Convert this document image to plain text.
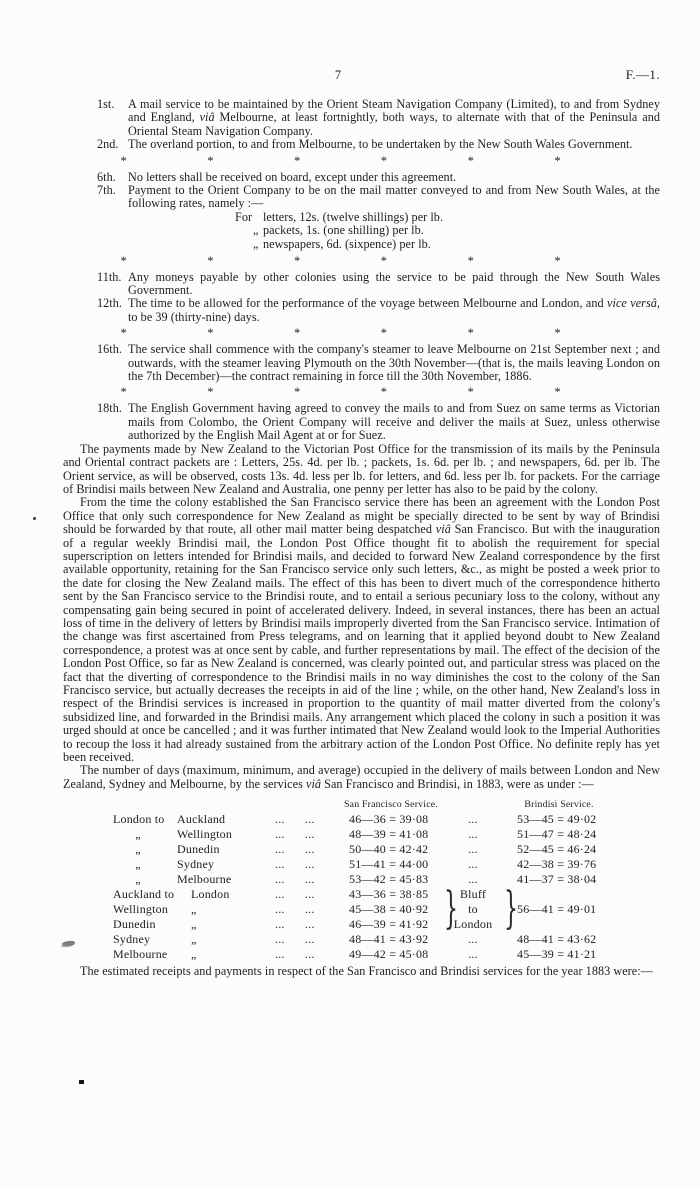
7	F.—1.
1st. A mail service to be maintained by the Orient Steam Navigation Company (Limited), to and from Sydney and England, viâ Melbourne, at least fortnightly, both ways, to alternate with that of the Peninsula and Oriental Steam Navigation Company.
2nd. The overland portion, to and from Melbourne, to be undertaken by the New South Wales Government.
*	*	*	*	*	*
6th. No letters shall be received on board, except under this agreement.
7th. Payment to the Orient Company to be on the mail matter conveyed to and from New South Wales, at the following rates, namely :—
For letters, 12s. (twelve shillings) per lb.
„ packets, 1s. (one shilling) per lb.
„ newspapers, 6d. (sixpence) per lb.
*	*	*	*	*	*
11th. Any moneys payable by other colonies using the service to be paid through the New South Wales Government.
12th. The time to be allowed for the performance of the voyage between Melbourne and London, and vice versâ, to be 39 (thirty-nine) days.
*	*	*	*	*	*
16th. The service shall commence with the company's steamer to leave Melbourne on 21st September next ; and outwards, with the steamer leaving Plymouth on the 30th November—(that is, the mails leaving London on the 7th December)—the contract remaining in force till the 30th November, 1886.
*	*	*	*	*	*
18th. The English Government having agreed to convey the mails to and from Suez on same terms as Victorian mails from Colombo, the Orient Company will receive and deliver the mails at Suez, unless otherwise authorized by the English Mail Agent at or for Suez.
The payments made by New Zealand to the Victorian Post Office for the transmission of its mails by the Peninsula and Oriental contract packets are : Letters, 25s. 4d. per lb. ; packets, 1s. 6d. per lb. ; and newspapers, 6d. per lb. The Orient service, as will be observed, costs 13s. 4d. less per lb. for letters, and 6d. less per lb. for packets. For the carriage of Brindisi mails between New Zealand and Australia, one penny per letter has also to be paid by the colony.
From the time the colony established the San Francisco service there has been an agreement with the London Post Office that only such correspondence for New Zealand as might be specially directed to be sent by way of Brindisi should be forwarded by that route, all other mail matter being despatched viâ San Francisco. But with the inauguration of a regular weekly Brindisi mail, the London Post Office thought fit to abolish the requirement for special superscription on letters intended for Brindisi mails, and decided to forward New Zealand correspondence by the first available opportunity, retaining for the San Francisco service only such letters, &c., as might be posted a week prior to the date for closing the New Zealand mails. The effect of this has been to divert much of the correspondence hitherto sent by the San Francisco service to the Brindisi route, and to entail a serious pecuniary loss to the colony, without any compensating gain being secured in point of accelerated delivery. Indeed, in several instances, there has been an actual loss of time in the delivery of letters by Brindisi mails improperly diverted from the San Francisco service. Intimation of the change was first ascertained from Press telegrams, and on learning that it applied beyond doubt to New Zealand correspondence, a protest was at once sent by cable, and further representations by mail. The effect of the decision of the London Post Office, so far as New Zealand is concerned, was clearly pointed out, and particular stress was placed on the fact that the diverting of correspondence to the Brindisi mails in no way diminishes the cost to the colony of the San Francisco service, but actually decreases the receipts in aid of the line ; while, on the other hand, New Zealand's loss in respect of the Brindisi services is increased in proportion to the quantity of mail matter diverted from the colony's subsidized line, and forwarded in the Brindisi mails. Any arrangement which placed the colony in such a position it was urged should at once be cancelled ; and it was further intimated that New Zealand would look to the Imperial Authorities to recoup the loss it had already sustained from the arbitrary action of the London Post Office. No definite reply has yet been received.
The number of days (maximum, minimum, and average) occupied in the delivery of mails between London and New Zealand, Sydney and Melbourne, by the services viâ San Francisco and Brindisi, in 1883, were as under :—
San Francisco Service.	Brindisi Service.
London to	Auckland	...	...	46—36 = 39·08	...	53—45 = 49·02
„	Wellington	...	...	48—39 = 41·08	...	51—47 = 48·24
„	Dunedin	...	...	50—40 = 42·42	...	52—45 = 46·24
„	Sydney	...	...	51—41 = 44·00	...	42—38 = 39·76
„	Melbourne	...	...	53—42 = 45·83	...	41—37 = 38·04
Auckland to	London	...	...	43—36 = 38·85	Bluff
Wellington	„	...	...	45—38 = 40·92	to	56—41 = 49·01
Dunedin	„	...	...	46—39 = 41·92	London
Sydney	„	...	...	48—41 = 43·92	...	48—41 = 43·62
Melbourne	„	...	...	49—42 = 45·08	...	45—39 = 41·21
} }
The estimated receipts and payments in respect of the San Francisco and Brindisi services for the year 1883 were:—
